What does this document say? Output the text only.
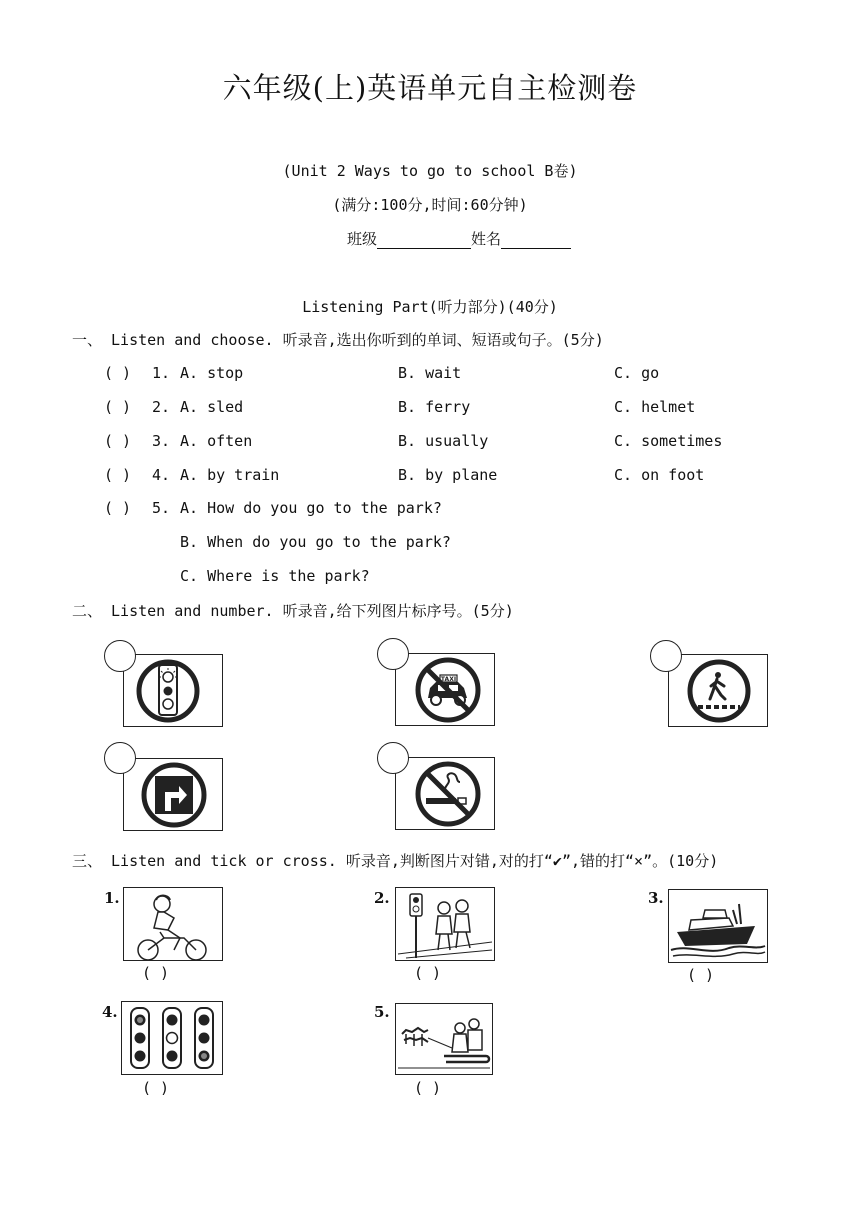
六年级(上)英语单元自主检测卷
(Unit 2 Ways to go to school B卷)
(满分:100分,时间:60分钟)
班级	姓名
Listening Part(听力部分)(40分)
一、 Listen and choose. 听录音,选出你听到的单词、短语或句子。(5分)
( ) 1. A. stop	B. wait	C. go
( ) 2. A. sled	B. ferry	C. helmet
( ) 3. A. often	B. usually	C. sometimes
( ) 4. A. by train	B. by plane	C. on foot
( ) 5. A. How do you go to the park?
B. When do you go to the park?
C. Where is the park?
二、 Listen and number. 听录音,给下列图片标序号。(5分)
TAXI
三、 Listen and tick or cross. 听录音,判断图片对错,对的打“✔”,错的打“×”。(10分)
1.
( )
2.
( )
3.
( )
4.
( )
5.
( )
